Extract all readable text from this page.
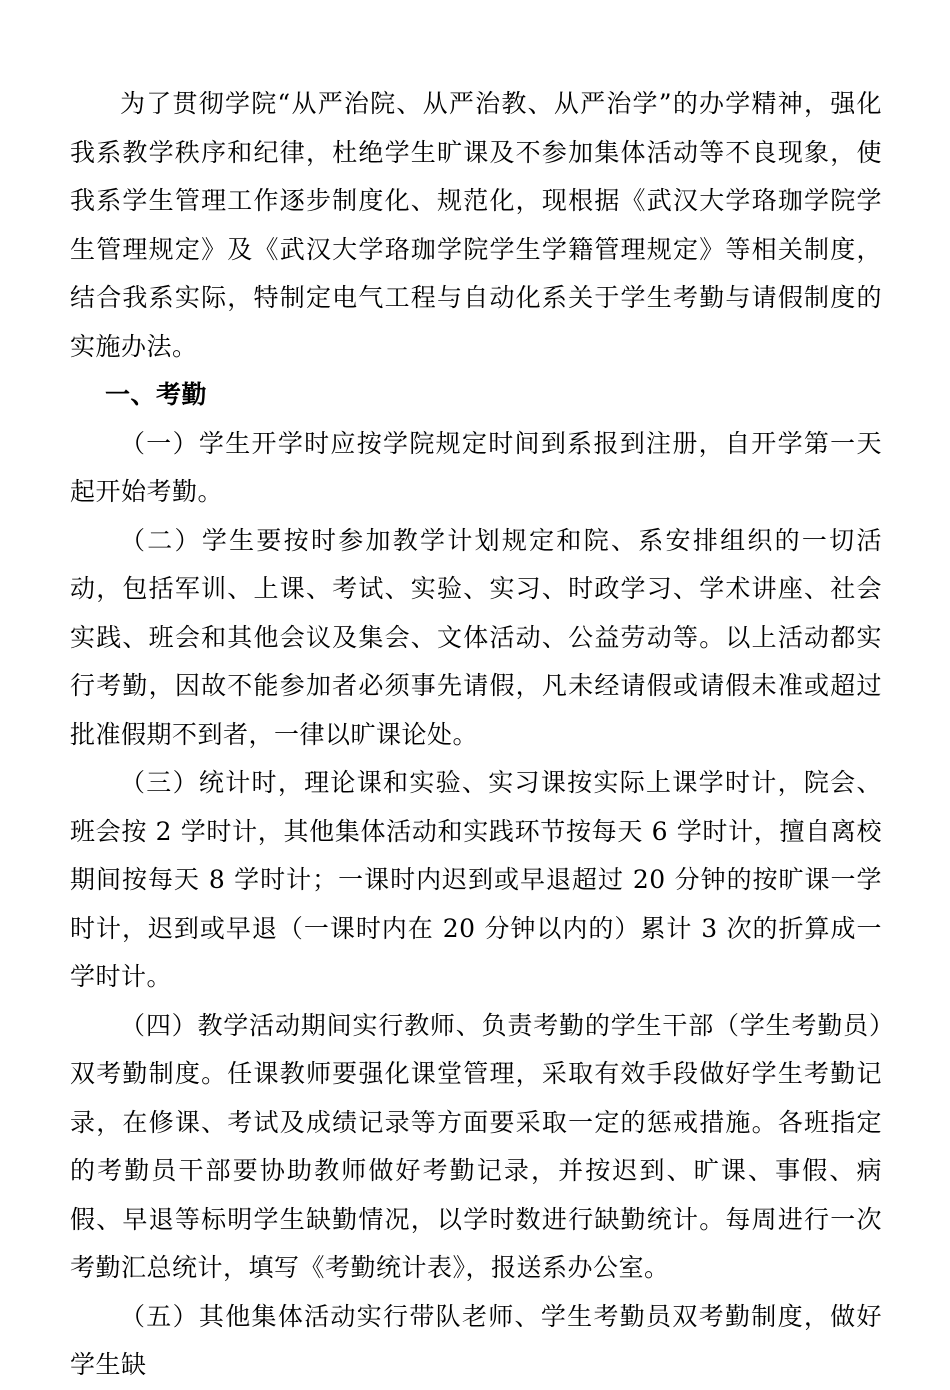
为了贯彻学院“从严治院、从严治教、从严治学”的办学精神，强化我系教学秩序和纪律，杜绝学生旷课及不参加集体活动等不良现象，使我系学生管理工作逐步制度化、规范化，现根据《武汉大学珞珈学院学生管理规定》及《武汉大学珞珈学院学生学籍管理规定》等相关制度，结合我系实际，特制定电气工程与自动化系关于学生考勤与请假制度的实施办法。

一、考勤

（一）学生开学时应按学院规定时间到系报到注册，自开学第一天起开始考勤。

（二）学生要按时参加教学计划规定和院、系安排组织的一切活动，包括军训、上课、考试、实验、实习、时政学习、学术讲座、社会实践、班会和其他会议及集会、文体活动、公益劳动等。以上活动都实行考勤，因故不能参加者必须事先请假，凡未经请假或请假未准或超过批准假期不到者，一律以旷课论处。

（三）统计时，理论课和实验、实习课按实际上课学时计，院会、班会按 2 学时计，其他集体活动和实践环节按每天 6 学时计，擅自离校期间按每天 8 学时计；一课时内迟到或早退超过 20 分钟的按旷课一学时计，迟到或早退（一课时内在 20 分钟以内的）累计 3 次的折算成一学时计。

（四）教学活动期间实行教师、负责考勤的学生干部（学生考勤员）双考勤制度。任课教师要强化课堂管理，采取有效手段做好学生考勤记录，在修课、考试及成绩记录等方面要采取一定的惩戒措施。各班指定的考勤员干部要协助教师做好考勤记录，并按迟到、旷课、事假、病假、早退等标明学生缺勤情况，以学时数进行缺勤统计。每周进行一次考勤汇总统计，填写《考勤统计表》，报送系办公室。

（五）其他集体活动实行带队老师、学生考勤员双考勤制度，做好学生缺
